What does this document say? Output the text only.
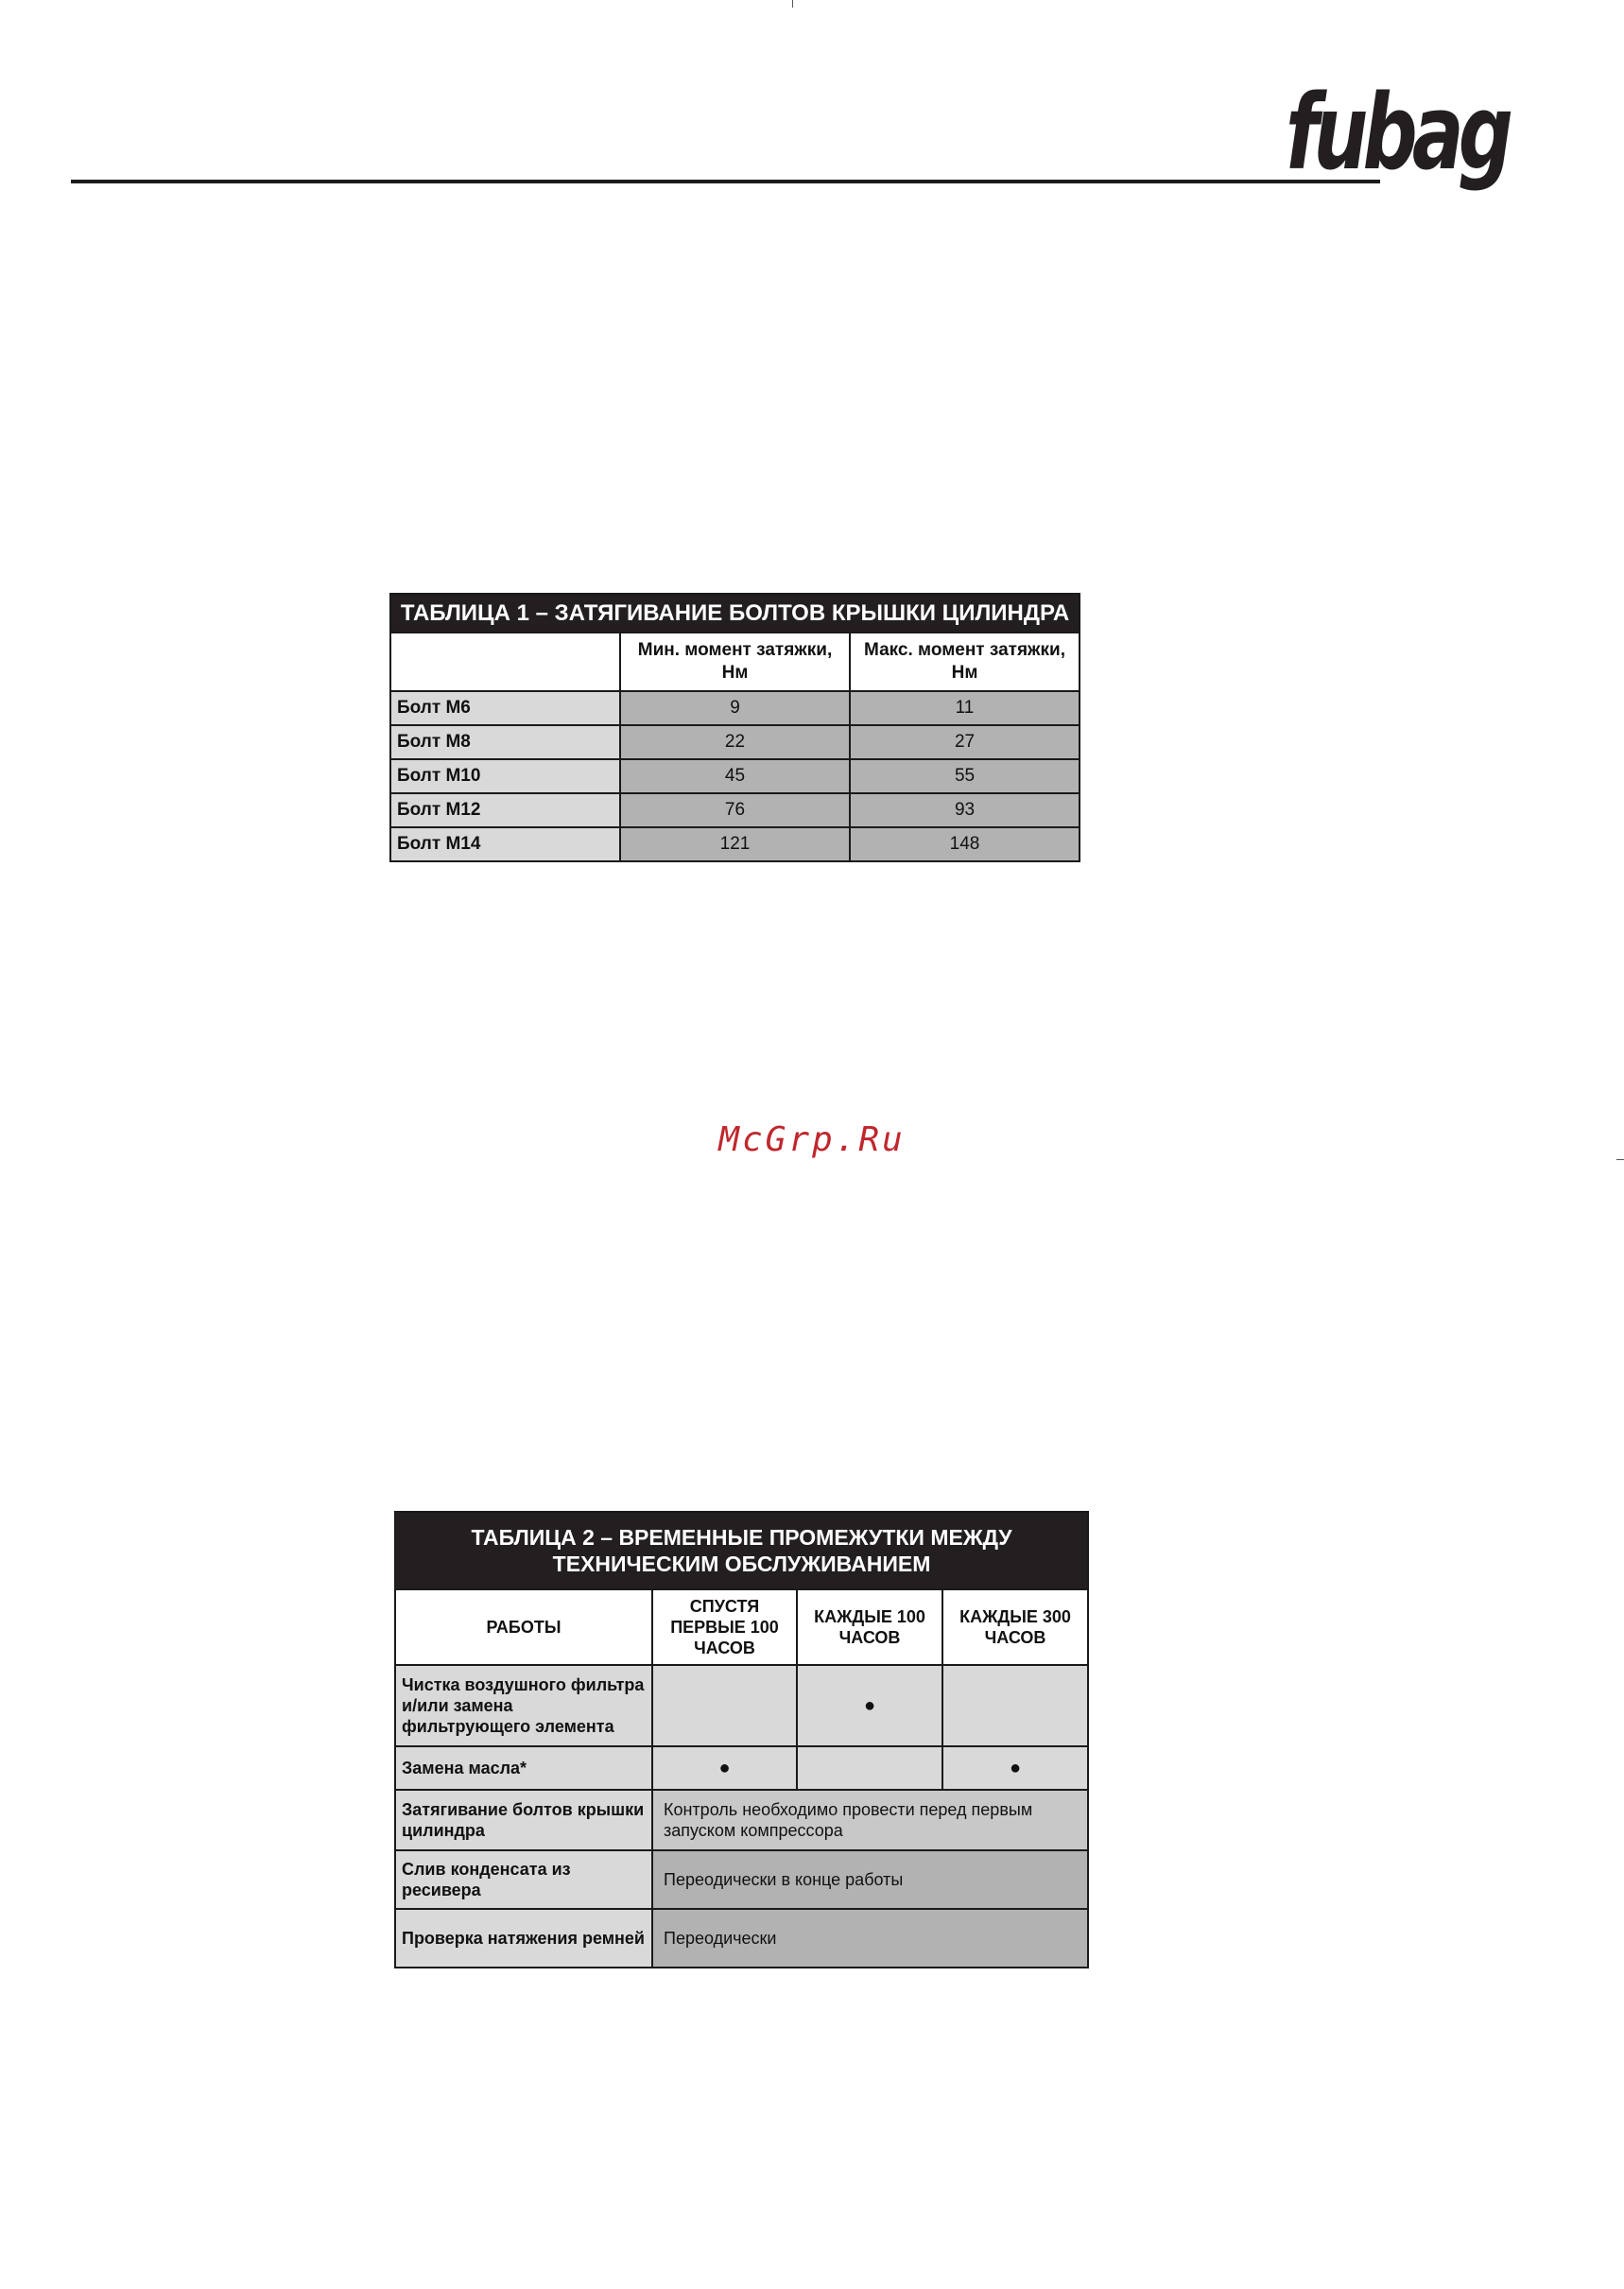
fubag
ТАБЛИЦА 1 – ЗАТЯГИВАНИЕ БОЛТОВ КРЫШКИ ЦИЛИНДРА		
	Мин. момент затяжки, Нм	Макс. момент затяжки, Нм
Болт М6	9	11
Болт М8	22	27
Болт М10	45	55
Болт М12	76	93
Болт М14	121	148
McGrp.Ru
ТАБЛИЦА 2 – ВРЕМЕННЫЕ ПРОМЕЖУТКИ МЕЖДУ ТЕХНИЧЕСКИМ ОБСЛУЖИВАНИЕМ			
РАБОТЫ	СПУСТЯ ПЕРВЫЕ 100 ЧАСОВ	КАЖДЫЕ 100 ЧАСОВ	КАЖДЫЕ 300 ЧАСОВ
Чистка воздушного фильтра и/или замена фильтрующего элемента		●	
Замена масла*	●		●
Затягивание болтов крышки цилиндра	Контроль необходимо провести перед первым запуском компрессора		
Слив конденсата из ресивера	Переодически в конце работы		
Проверка натяжения ремней	Переодически		
